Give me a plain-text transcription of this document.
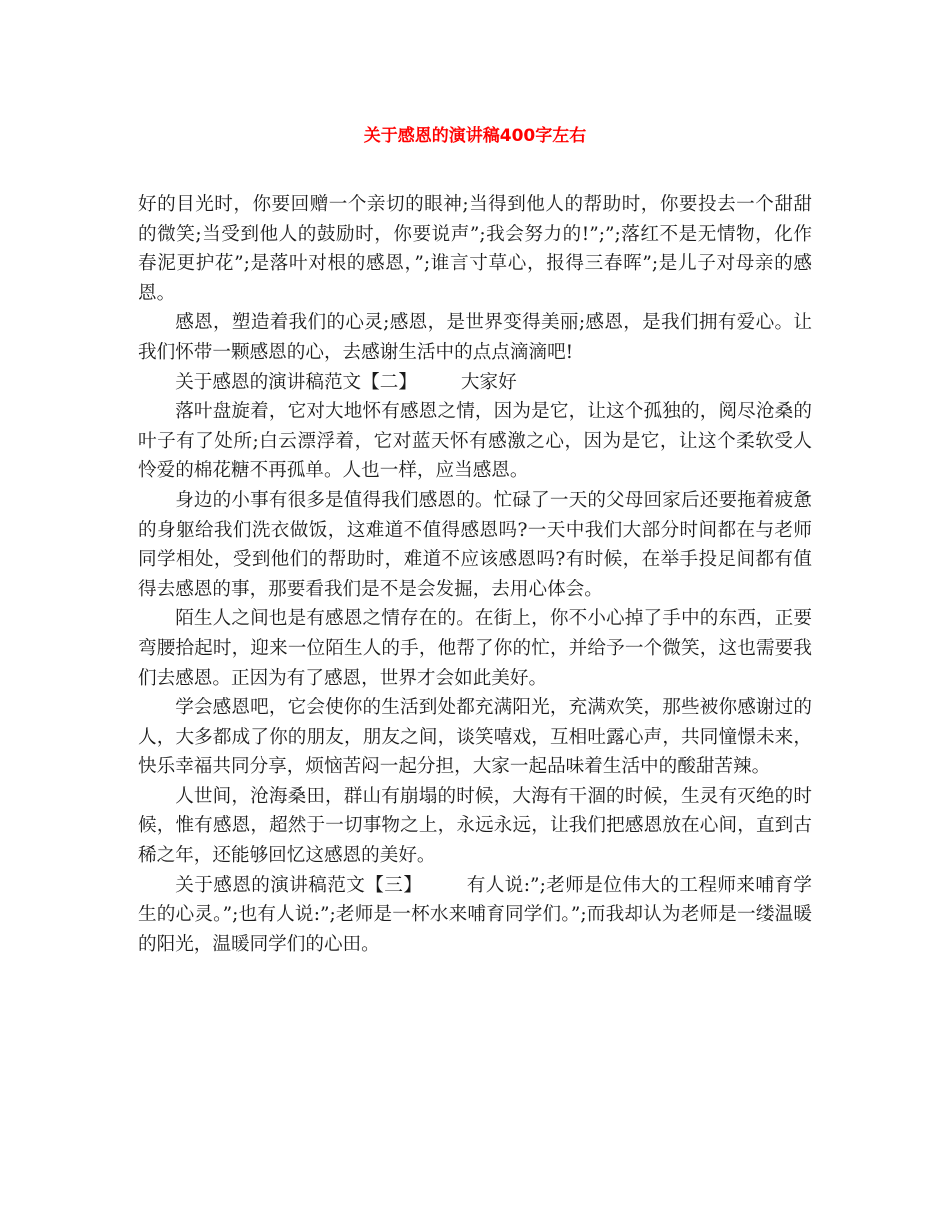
关于感恩的演讲稿400字左右

好的目光时，你要回赠一个亲切的眼神;当得到他人的帮助时，你要投去一个甜甜的微笑;当受到他人的鼓励时，你要说声”;我会努力的!”;”;落红不是无情物，化作春泥更护花”;是落叶对根的感恩，”;谁言寸草心，报得三春晖”;是儿子对母亲的感恩。

感恩，塑造着我们的心灵;感恩，是世界变得美丽;感恩，是我们拥有爱心。让我们怀带一颗感恩的心，去感谢生活中的点点滴滴吧!

关于感恩的演讲稿范文【二】 大家好

落叶盘旋着，它对大地怀有感恩之情，因为是它，让这个孤独的，阅尽沧桑的叶子有了处所;白云漂浮着，它对蓝天怀有感激之心，因为是它，让这个柔软受人怜爱的棉花糖不再孤单。人也一样，应当感恩。

身边的小事有很多是值得我们感恩的。忙碌了一天的父母回家后还要拖着疲惫的身躯给我们洗衣做饭，这难道不值得感恩吗?一天中我们大部分时间都在与老师同学相处，受到他们的帮助时，难道不应该感恩吗?有时候，在举手投足间都有值得去感恩的事，那要看我们是不是会发掘，去用心体会。

陌生人之间也是有感恩之情存在的。在街上，你不小心掉了手中的东西，正要弯腰拾起时，迎来一位陌生人的手，他帮了你的忙，并给予一个微笑，这也需要我们去感恩。正因为有了感恩，世界才会如此美好。

学会感恩吧，它会使你的生活到处都充满阳光，充满欢笑，那些被你感谢过的人，大多都成了你的朋友，朋友之间，谈笑嘻戏，互相吐露心声，共同憧憬未来，快乐幸福共同分享，烦恼苦闷一起分担，大家一起品味着生活中的酸甜苦辣。

人世间，沧海桑田，群山有崩塌的时候，大海有干涸的时候，生灵有灭绝的时候，惟有感恩，超然于一切事物之上，永远永远，让我们把感恩放在心间，直到古稀之年，还能够回忆这感恩的美好。

关于感恩的演讲稿范文【三】 有人说:”;老师是位伟大的工程师来哺育学生的心灵。”;也有人说:”;老师是一杯水来哺育同学们。”;而我却认为老师是一缕温暖的阳光，温暖同学们的心田。
